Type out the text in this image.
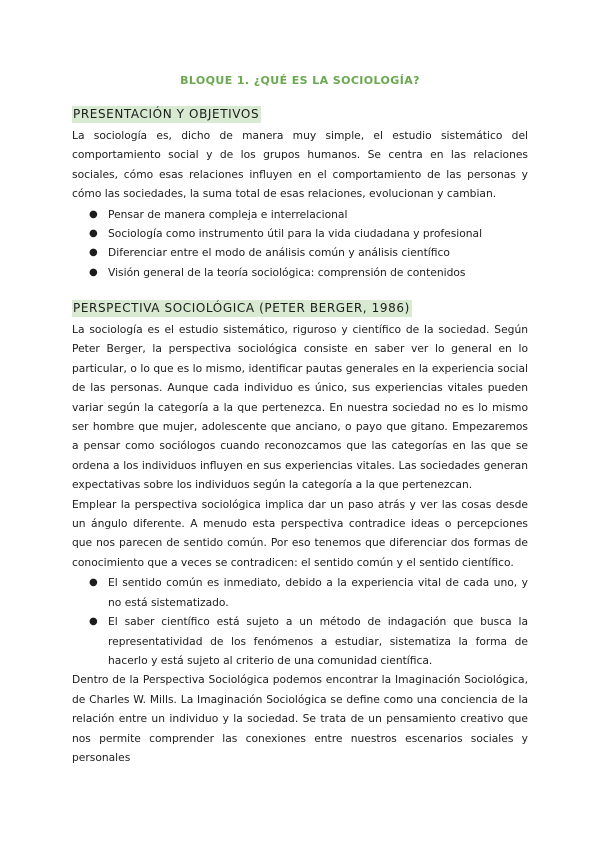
BLOQUE 1. ¿QUÉ ES LA SOCIOLOGÍA?
PRESENTACIÓN Y OBJETIVOS

La sociología es, dicho de manera muy simple, el estudio sistemático del comportamiento social y de los grupos humanos. Se centra en las relaciones sociales, cómo esas relaciones influyen en el comportamiento de las personas y cómo las sociedades, la suma total de esas relaciones, evolucionan y cambian.

● Pensar de manera compleja e interrelacional
● Sociología como instrumento útil para la vida ciudadana y profesional
● Diferenciar entre el modo de análisis común y análisis científico
● Visión general de la teoría sociológica: comprensión de contenidos
PERSPECTIVA SOCIOLÓGICA (PETER BERGER, 1986)

La sociología es el estudio sistemático, riguroso y científico de la sociedad. Según Peter Berger, la perspectiva sociológica consiste en saber ver lo general en lo particular, o lo que es lo mismo, identificar pautas generales en la experiencia social de las personas. Aunque cada individuo es único, sus experiencias vitales pueden variar según la categoría a la que pertenezca. En nuestra sociedad no es lo mismo ser hombre que mujer, adolescente que anciano, o payo que gitano. Empezaremos a pensar como sociólogos cuando reconozcamos que las categorías en las que se ordena a los individuos influyen en sus experiencias vitales. Las sociedades generan expectativas sobre los individuos según la categoría a la que pertenezcan.

Emplear la perspectiva sociológica implica dar un paso atrás y ver las cosas desde un ángulo diferente. A menudo esta perspectiva contradice ideas o percepciones que nos parecen de sentido común. Por eso tenemos que diferenciar dos formas de conocimiento que a veces se contradicen: el sentido común y el sentido científico.

● El sentido común es inmediato, debido a la experiencia vital de cada uno, y no está sistematizado.
● El saber científico está sujeto a un método de indagación que busca la representatividad de los fenómenos a estudiar, sistematiza la forma de hacerlo y está sujeto al criterio de una comunidad científica.

Dentro de la Perspectiva Sociológica podemos encontrar la Imaginación Sociológica, de Charles W. Mills. La Imaginación Sociológica se define como una conciencia de la relación entre un individuo y la sociedad. Se trata de un pensamiento creativo que nos permite comprender las conexiones entre nuestros escenarios sociales y personales
